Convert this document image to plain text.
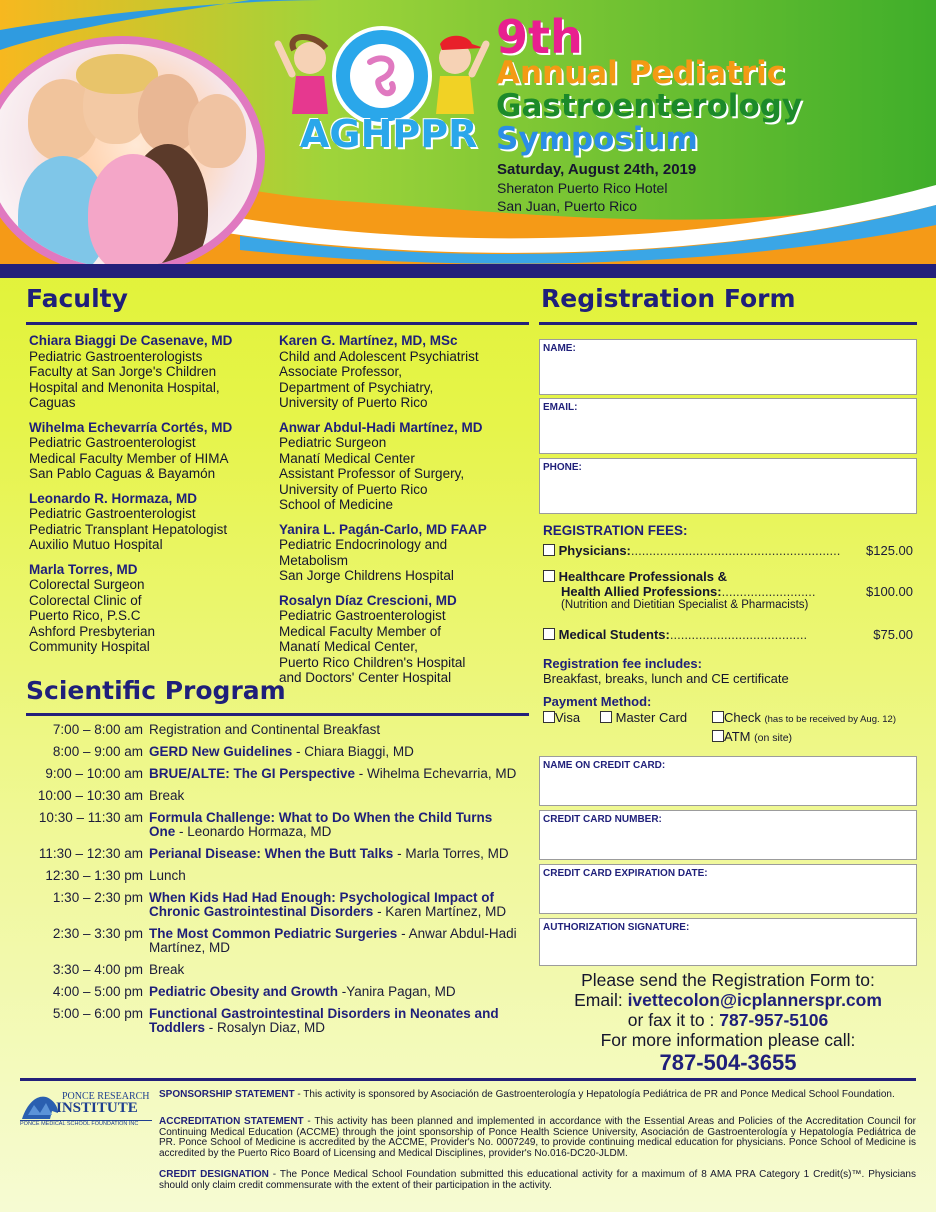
AGHPPR
9th
Annual Pediatric
Gastroenterology
Symposium
Saturday, August 24th, 2019
Sheraton Puerto Rico Hotel
San Juan, Puerto Rico
Faculty
Chiara Biaggi De Casenave, MD
Pediatric Gastroenterologists
Faculty at San Jorge's Children
Hospital and Menonita Hospital,
Caguas
Wihelma Echevarría Cortés, MD
Pediatric Gastroenterologist
Medical Faculty Member of HIMA
San Pablo Caguas & Bayamón
Leonardo R. Hormaza, MD
Pediatric Gastroenterologist
Pediatric Transplant Hepatologist
Auxilio Mutuo Hospital
Marla Torres, MD
Colorectal Surgeon
Colorectal Clinic of
Puerto Rico, P.S.C
Ashford Presbyterian
Community Hospital
Karen G. Martínez, MD, MSc
Child and Adolescent Psychiatrist
Associate Professor,
Department of Psychiatry,
University of Puerto Rico
Anwar Abdul-Hadi Martínez, MD
Pediatric Surgeon
Manatí Medical Center
Assistant Professor of Surgery,
University of Puerto Rico
School of Medicine
Yanira L. Pagán-Carlo, MD FAAP
Pediatric Endocrinology and
Metabolism
San Jorge Childrens Hospital
Rosalyn Díaz Crescioni, MD
Pediatric Gastroenterologist
Medical Faculty Member of
Manatí Medical Center,
Puerto Rico Children's Hospital
and Doctors' Center Hospital
Scientific Program
7:00 – 8:00 am Registration and Continental Breakfast
8:00 – 9:00 am GERD New Guidelines - Chiara Biaggi, MD
9:00 – 10:00 am BRUE/ALTE: The GI Perspective - Wihelma Echevarria, MD
10:00 – 10:30 am Break
10:30 – 11:30 am Formula Challenge: What to Do When the Child Turns One - Leonardo Hormaza, MD
11:30 – 12:30 am Perianal Disease: When the Butt Talks - Marla Torres, MD
12:30 – 1:30 pm Lunch
1:30 – 2:30 pm When Kids Had Had Enough: Psychological Impact of Chronic Gastrointestinal Disorders - Karen Martínez, MD
2:30 – 3:30 pm The Most Common Pediatric Surgeries - Anwar Abdul-Hadi Martínez, MD
3:30 – 4:00 pm Break
4:00 – 5:00 pm Pediatric Obesity and Growth -Yanira Pagan, MD
5:00 – 6:00 pm Functional Gastrointestinal Disorders in Neonates and Toddlers - Rosalyn Diaz, MD
Registration Form
NAME:
EMAIL:
PHONE:
REGISTRATION FEES:
Physicians:.......................................................... $125.00
Healthcare Professionals &
Health Allied Professions:..........................	$100.00
(Nutrition and Dietitian Specialist & Pharmacists)
Medical Students:......................................	$75.00
Registration fee includes:
Breakfast, breaks, lunch and CE certificate
Payment Method:
Visa	Master Card	Check (has to be received by Aug. 12)
ATM (on site)
NAME ON CREDIT CARD:
CREDIT CARD NUMBER:
CREDIT CARD EXPIRATION DATE:
AUTHORIZATION SIGNATURE:
Please send the Registration Form to:
Email: ivettecolon@icplannerspr.com
or fax it to : 787-957-5106
For more information please call:
787-504-3655
PONCE RESEARCH
INSTITUTE
PONCE MEDICAL SCHOOL FOUNDATION INC
SPONSORSHIP STATEMENT - This activity is sponsored by Asociación de Gastroenterología y Hepatología Pediátrica de PR and Ponce Medical School Foundation.
ACCREDITATION STATEMENT - This activity has been planned and implemented in accordance with the Essential Areas and Policies of the Accreditation Council for Continuing Medical Education (ACCME) through the joint sponsorship of Ponce Health Science University, Asociación de Gastroenterología y Hepatología Pediátrica de PR. Ponce School of Medicine is accredited by the ACCME, Provider's No. 0007249, to provide continuing medical education for physicians. Ponce School of Medicine is accredited by the Puerto Rico Board of Licensing and Medical Disciplines, provider's No.016-DC20-JLDM.
CREDIT DESIGNATION - The Ponce Medical School Foundation submitted this educational activity for a maximum of 8 AMA PRA Category 1 Credit(s)™. Physicians should only claim credit commensurate with the extent of their participation in the activity.
